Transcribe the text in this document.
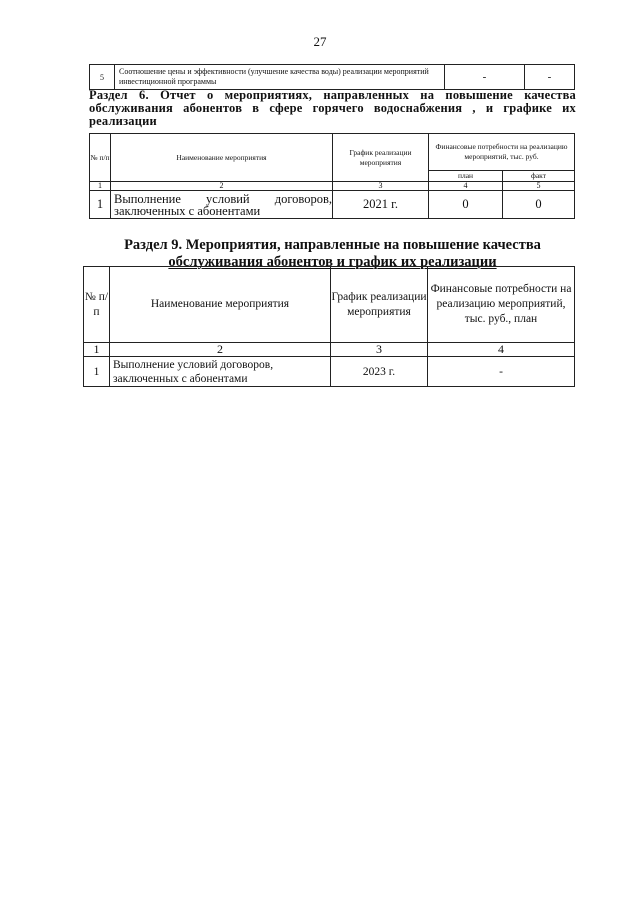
27
5	Соотношение цены и эффективности (улучшение качества воды) реализации мероприятий инвестиционной программы	-	-
Раздел 6. Отчет о мероприятиях, направленных на повышение качества
обслуживания абонентов в сфере горячего водоснабжения , и графике их
реализации
№ п/п	Наименование мероприятия	График реализации мероприятия	Финансовые потребности на реализацию мероприятий, тыс. руб.	
			план	факт
1	2	3	4	5
1	Выполнение условий договоров, заключенных с абонентами	2021 г.	0	0
Раздел 9. Мероприятия, направленные на повышение качества
обслуживания абонентов и график их реализации
№ п/ п	Наименование мероприятия	График реализации мероприятия	Финансовые потребности на реализацию мероприятий, тыс. руб., план
1	2	3	4
1	Выполнение условий договоров, заключенных с абонентами	2023 г.	-
